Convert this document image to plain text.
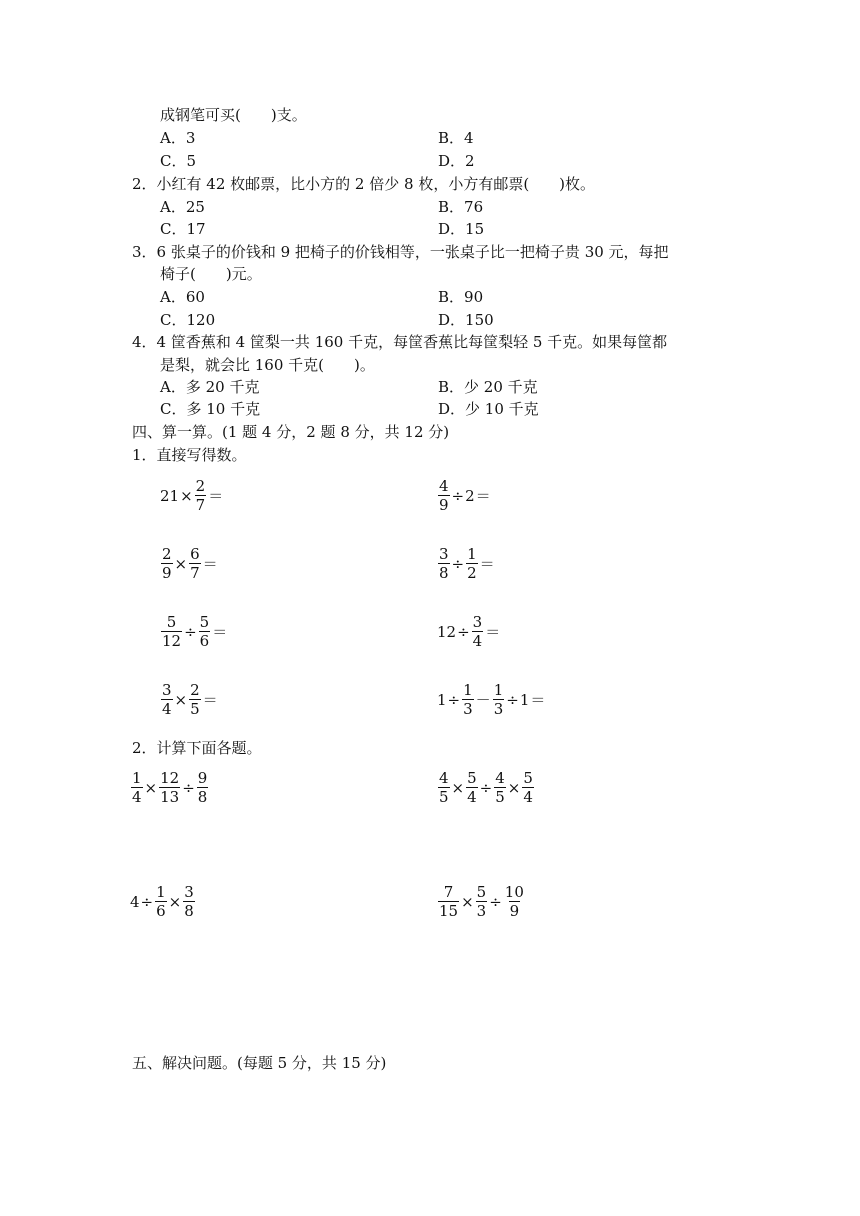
成钢笔可买(　　)支。
A．3	B．4
C．5	D．2
2．小红有 42 枚邮票，比小方的 2 倍少 8 枚，小方有邮票(　　)枚。
A．25	B．76
C．17	D．15
3．6 张桌子的价钱和 9 把椅子的价钱相等，一张桌子比一把椅子贵 30 元，每把
椅子(　　)元。
A．60	B．90
C．120	D．150
4．4 筐香蕉和 4 筐梨一共 160 千克，每筐香蕉比每筐梨轻 5 千克。如果每筐都
是梨，就会比 160 千克(　　)。
A．多 20 千克	B．少 20 千克
C．多 10 千克	D．少 10 千克
四、算一算。(1 题 4 分，2 题 8 分，共 12 分)
1．直接写得数。
$21 \times \frac{2}{7}$ ＝	$\frac{4}{9} \div 2$ ＝
$\frac{2}{9} \times \frac{6}{7}$ ＝	$\frac{3}{8} \div \frac{1}{2}$ ＝
$\frac{5}{12} \div \frac{5}{6}$ ＝	$12 \div \frac{3}{4}$ ＝
$\frac{3}{4} \times \frac{2}{5}$ ＝	$1 \div \frac{1}{3} - \frac{1}{3} \div 1$ ＝
2．计算下面各题。
$\frac{1}{4} \times \frac{12}{13} \div \frac{9}{8}$	$\frac{4}{5} \times \frac{5}{4} \div \frac{4}{5} \times \frac{5}{4}$
$4 \div \frac{1}{6} \times \frac{3}{8}$	$\frac{7}{15} \times \frac{5}{3} \div \frac{10}{9}$
五、解决问题。(每题 5 分，共 15 分)
